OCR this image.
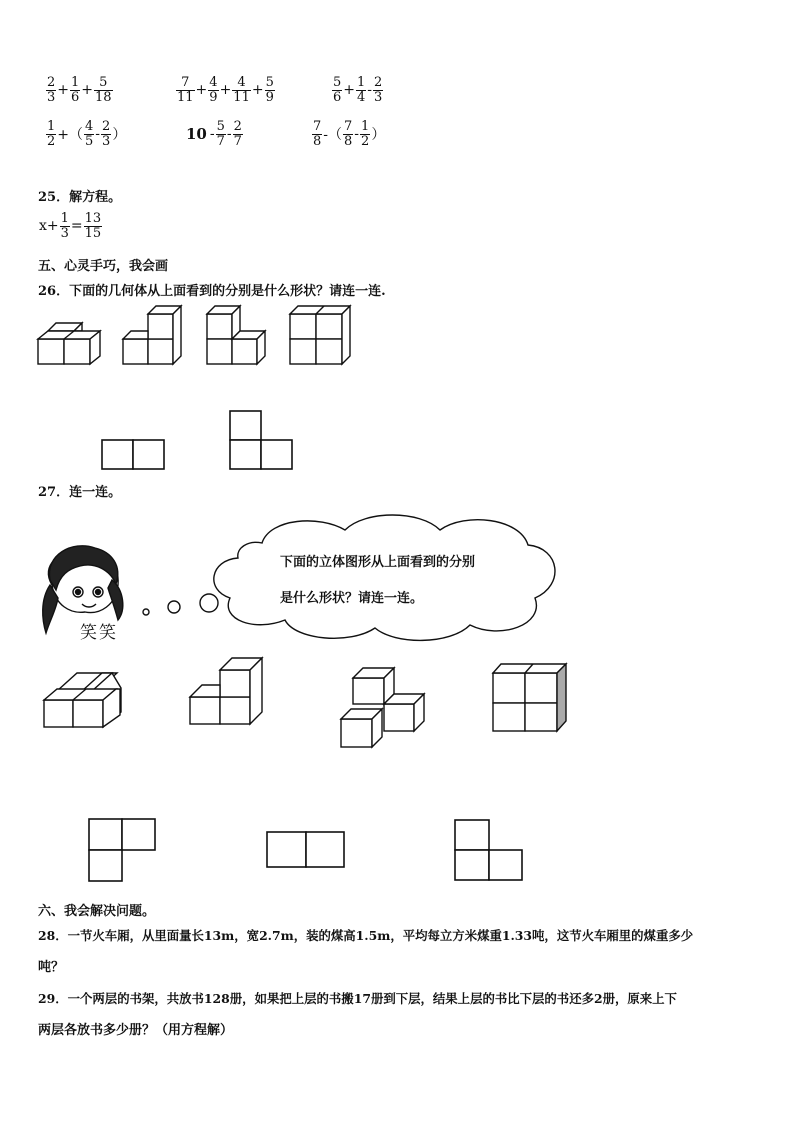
$\frac{2}{3} + \frac{1}{6} + \frac{5}{18}$	$\frac{7}{11} + \frac{4}{9} + \frac{4}{11} + \frac{5}{9}$	$\frac{5}{6} + \frac{1}{4} - \frac{2}{3}$
$\frac{1}{2}$ +（ $\frac{4}{5} - \frac{2}{3}$ ）	$10 - \frac{5}{7} - \frac{2}{7}$	$\frac{7}{8}$ -（ $\frac{7}{8} - \frac{1}{2}$ ）
25．解方程。
$x+ \frac{1}{3} = \frac{13}{15}$
五、心灵手巧，我会画
26．下面的几何体从上面看到的分别是什么形状？请连一连.
27．连一连。
下面的立体图形从上面看到的分别
是什么形状？请连一连。
笑笑
六、我会解决问题。
28．一节火车厢，从里面量长13m，宽2.7m，装的煤高1.5m，平均每立方米煤重1.33吨，这节火车厢里的煤重多少
吨？
29．一个两层的书架，共放书128册，如果把上层的书搬17册到下层，结果上层的书比下层的书还多2册，原来上下
两层各放书多少册？（用方程解）
